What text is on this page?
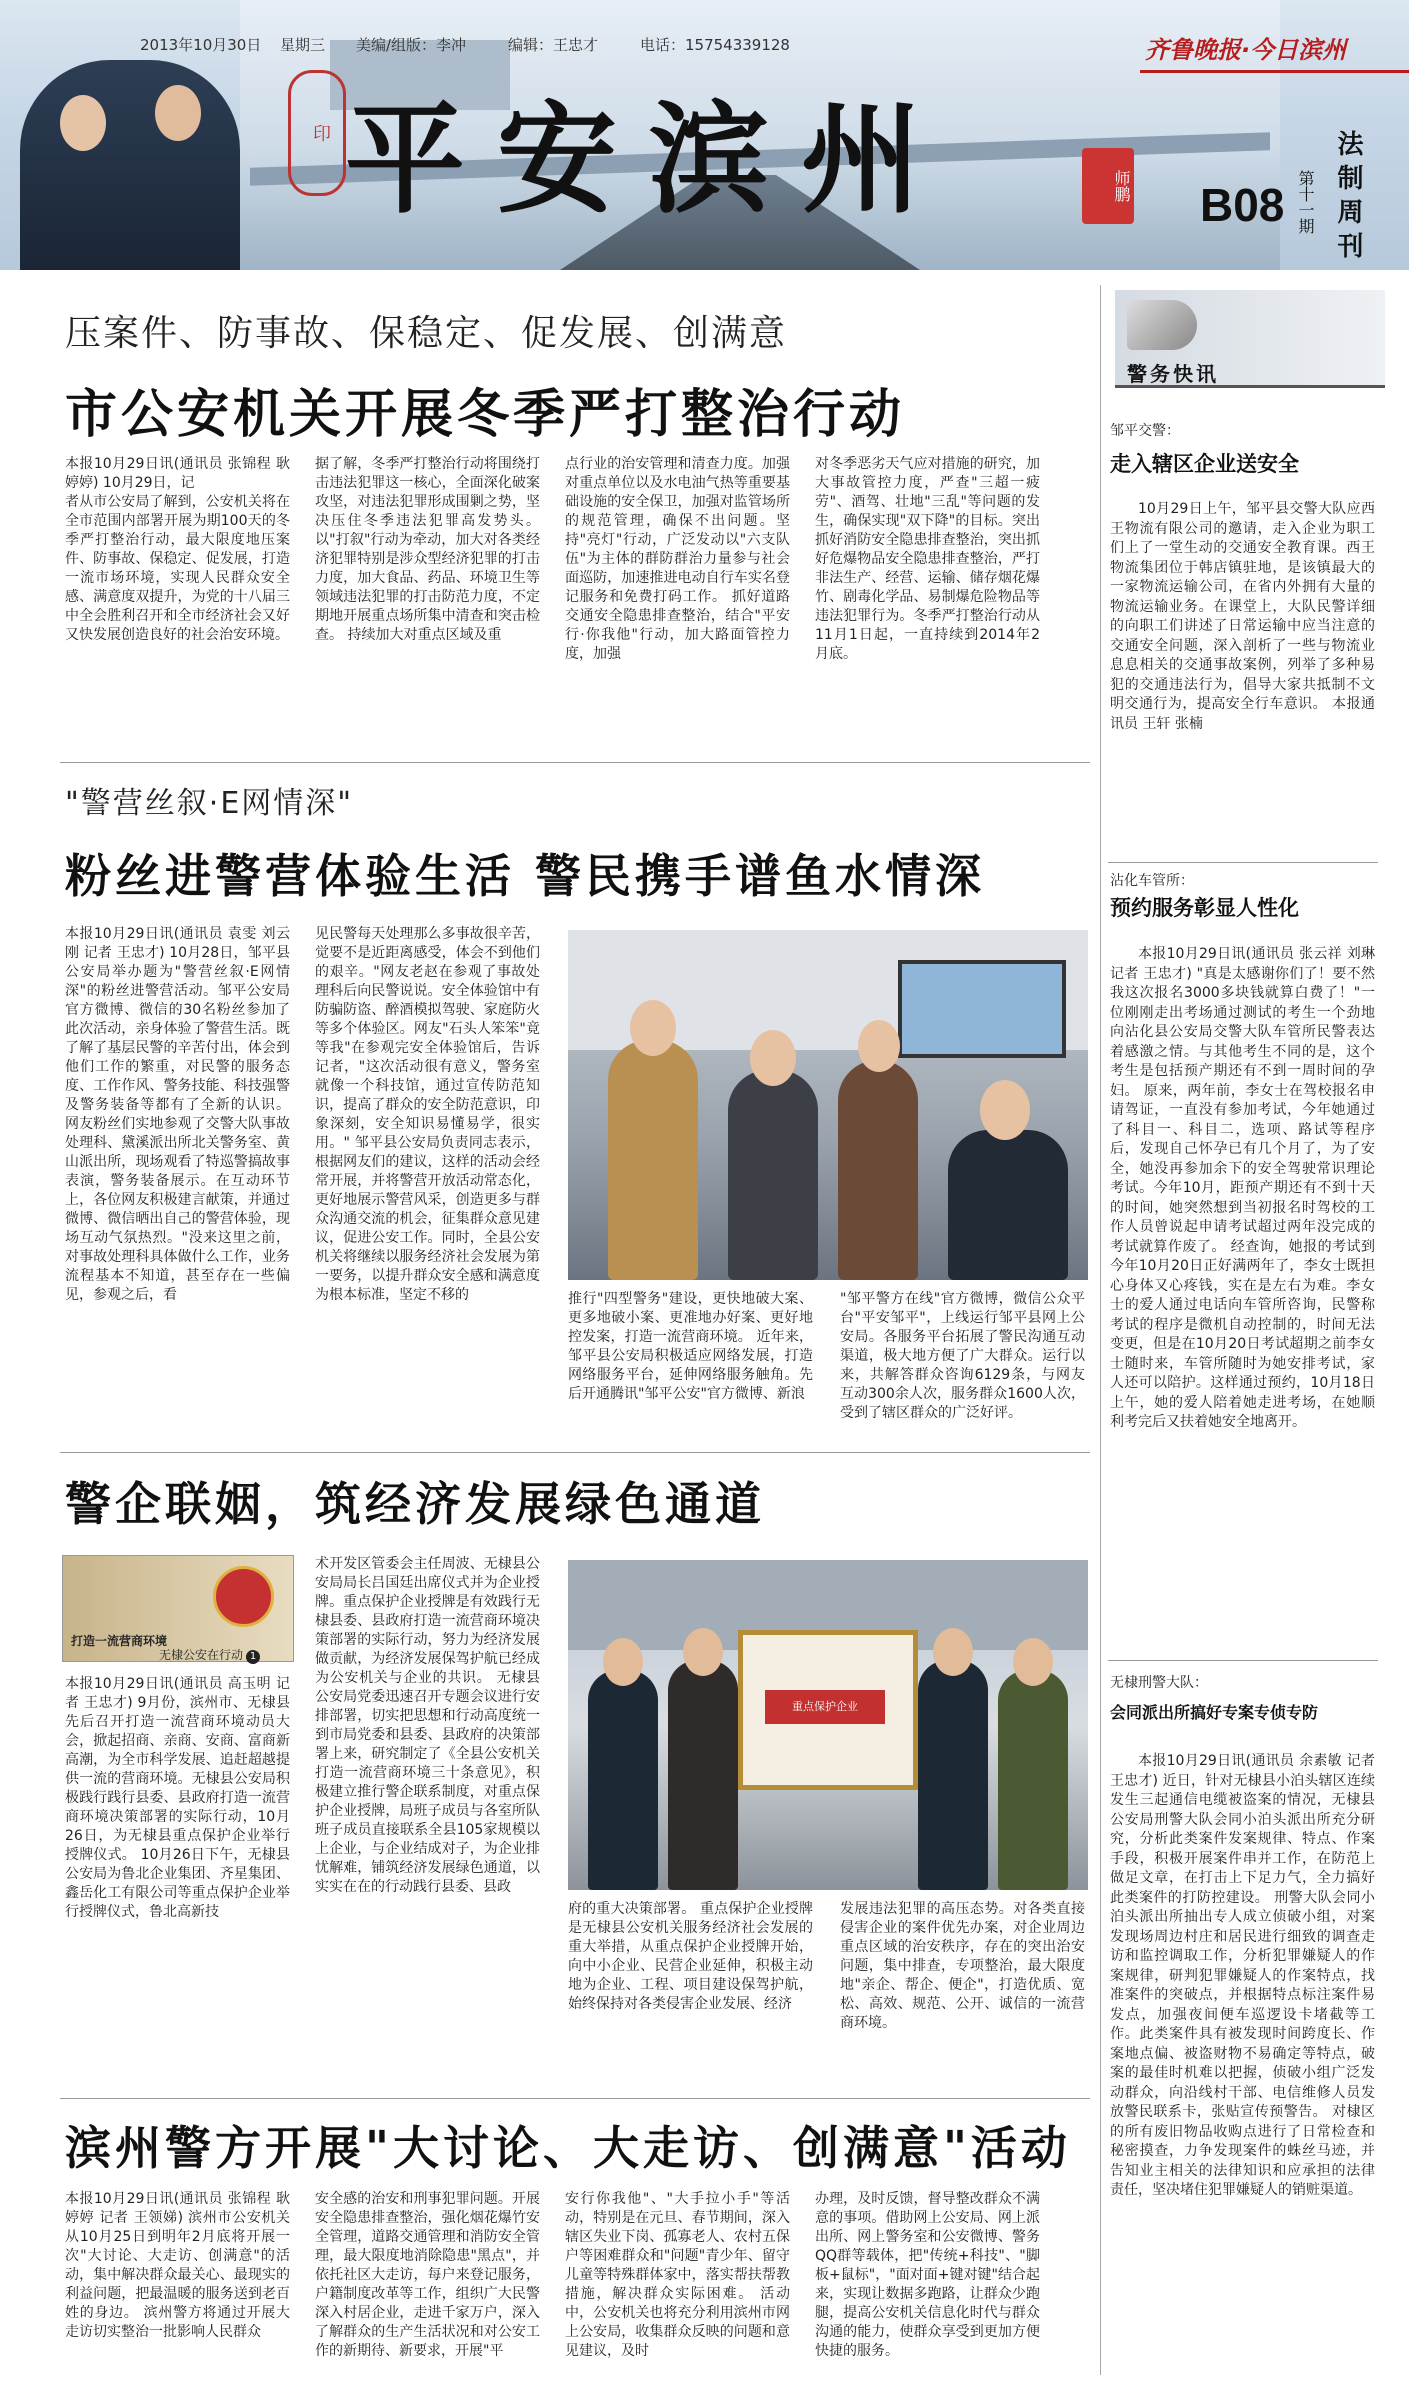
2013年10月30日 星期三 美编/组版：李冲	编辑：王忠才	电话：15754339128
印 平安滨州	师鹏
齐鲁晚报·今日滨州
B08 第十一期 法制周刊
压案件、防事故、保稳定、促发展、创满意
市公安机关开展冬季严打整治行动
本报10月29日讯(通讯员 张锦程 耿婷婷) 10月29日，记
者从市公安局了解到，公安机关将在全市范围内部署开展为期100天的冬季严打整治行动，最大限度地压案件、防事故、保稳定、促发展，打造一流市场环境，实现人民群众安全感、满意度双提升，为党的十八届三中全会胜利召开和全市经济社会又好又快发展创造良好的社会治安环境。
据了解，冬季严打整治行动将围绕打击违法犯罪这一核心，全面深化破案攻坚，对违法犯罪形成围剿之势，坚决压住冬季违法犯罪高发势头。以"打叙"行动为牵动，加大对各类经济犯罪特别是涉众型经济犯罪的打击力度，加大食品、药品、环境卫生等领域违法犯罪的打击防范力度，不定期地开展重点场所集中清查和突击检查。 持续加大对重点区域及重
点行业的治安管理和清查力度。加强对重点单位以及水电油气热等重要基础设施的安全保卫，加强对监管场所的规范管理，确保不出问题。坚持"亮灯"行动，广泛发动以"六支队伍"为主体的群防群治力量参与社会面巡防，加速推进电动自行车实名登记服务和免费打码工作。 抓好道路交通安全隐患排查整治，结合"平安行·你我他"行动，加大路面管控力度，加强
对冬季恶劣天气应对措施的研究，加大事故管控力度，严查"三超一疲劳"、酒驾、壮地"三乱"等问题的发生，确保实现"双下降"的目标。突出抓好消防安全隐患排查整治，突出抓好危爆物品安全隐患排查整治，严打非法生产、经营、运输、储存烟花爆竹、剧毒化学品、易制爆危险物品等违法犯罪行为。冬季严打整治行动从11月1日起，一直持续到2014年2月底。
"警营丝叙·E网情深"
粉丝进警营体验生活 警民携手谱鱼水情深
本报10月29日讯(通讯员 袁雯 刘云刚 记者 王忠才) 10月28日，邹平县公安局举办题为"警营丝叙·E网情深"的粉丝进警营活动。邹平公安局官方微博、微信的30名粉丝参加了此次活动，亲身体验了警营生活。既了解了基层民警的辛苦付出，体会到他们工作的繁重，对民警的服务态度、工作作风、警务技能、科技强警及警务装备等都有了全新的认识。 网友粉丝们实地参观了交警大队事故处理科、黛溪派出所北关警务室、黄山派出所，现场观看了特巡警搞故事表演，警务装备展示。在互动环节上，各位网友积极建言献策，并通过微博、微信晒出自己的警营体验，现场互动气氛热烈。"没来这里之前，对事故处理科具体做什么工作，业务流程基本不知道，甚至存在一些偏见，参观之后，看
见民警每天处理那么多事故很辛苦，觉要不是近距离感受，体会不到他们的艰辛。"网友老赵在参观了事故处理科后向民警说说。安全体验馆中有防骗防盗、醉酒模拟驾驶、家庭防火等多个体验区。网友"石头人笨笨"竟等我"在参观完安全体验馆后，告诉记者，"这次活动很有意义，警务室就像一个科技馆，通过宣传防范知识，提高了群众的安全防范意识，印象深刻，安全知识易懂易学，很实用。" 邹平县公安局负责同志表示，根据网友们的建议，这样的活动会经常开展，并将警营开放活动常态化，更好地展示警营风采，创造更多与群众沟通交流的机会，征集群众意见建议，促进公安工作。同时，全县公安机关将继续以服务经济社会发展为第一要务，以提升群众安全感和满意度为根本标准，坚定不移的	推行"四型警务"建设，更快地破大案、更多地破小案、更准地办好案、更好地控发案，打造一流营商环境。 近年来，邹平县公安局积极适应网络发展，打造网络服务平台，延伸网络服务触角。先后开通腾讯"邹平公安"官方微博、新浪
"邹平警方在线"官方微博，微信公众平台"平安邹平"，上线运行邹平县网上公安局。各服务平台拓展了警民沟通互动渠道，极大地方便了广大群众。运行以来，共解答群众咨询6129条，与网友互动300余人次，服务群众1600人次，受到了辖区群众的广泛好评。
警企联姻，筑经济发展绿色通道
打造一流营商环境
无棣公安在行动 1
本报10月29日讯(通讯员 高玉明 记者 王忠才) 9月份，滨州市、无棣县先后召开打造一流营商环境动员大会，掀起招商、亲商、安商、富商新高潮，为全市科学发展、追赶超越提供一流的营商环境。无棣县公安局积极践行践行县委、县政府打造一流营商环境决策部署的实际行动，10月26日，为无棣县重点保护企业举行授牌仪式。 10月26日下午，无棣县公安局为鲁北企业集团、齐星集团、鑫岳化工有限公司等重点保护企业举行授牌仪式，鲁北高新技
术开发区管委会主任周波、无棣县公安局局长吕国廷出席仪式并为企业授牌。重点保护企业授牌是有效践行无棣县委、县政府打造一流营商环境决策部署的实际行动，努力为经济发展做贡献，为经济发展保驾护航已经成为公安机关与企业的共识。 无棣县公安局党委迅速召开专题会议进行安排部署，切实把思想和行动高度统一到市局党委和县委、县政府的决策部署上来，研究制定了《全县公安机关打造一流营商环境三十条意见》，积极建立推行警企联系制度，对重点保护企业授牌，局班子成员与各室所队班子成员直接联系全县105家规模以上企业，与企业结成对子，为企业排忧解难，铺筑经济发展绿色通道，以实实在在的行动践行县委、县政
重点保护企业
府的重大决策部署。 重点保护企业授牌是无棣县公安机关服务经济社会发展的重大举措，从重点保护企业授牌开始，向中小企业、民营企业延伸，积极主动地为企业、工程、项目建设保驾护航，始终保持对各类侵害企业发展、经济
发展违法犯罪的高压态势。对各类直接侵害企业的案件优先办案，对企业周边重点区域的治安秩序，存在的突出治安问题，集中排查，专项整治，最大限度地"亲企、帮企、便企"，打造优质、宽松、高效、规范、公开、诚信的一流营商环境。
滨州警方开展"大讨论、大走访、创满意"活动
本报10月29日讯(通讯员 张锦程 耿婷婷 记者 王领娣) 滨州市公安机关从10月25日到明年2月底将开展一次"大讨论、大走访、创满意"的活动，集中解决群众最关心、最现实的利益问题，把最温暖的服务送到老百姓的身边。 滨州警方将通过开展大走访切实整治一批影响人民群众
安全感的治安和刑事犯罪问题。开展安全隐患排查整治，强化烟花爆竹安全管理，道路交通管理和消防安全管理，最大限度地消除隐患"黑点"，并依托社区大走访，每户来登记服务，户籍制度改革等工作，组织广大民警深入村居企业，走进千家万户，深入了解群众的生产生活状况和对公安工作的新期待、新要求，开展"平
安行你我他"、"大手拉小手"等活动，特别是在元旦、春节期间，深入辖区失业下岗、孤寡老人、农村五保户等困难群众和"问题"青少年、留守儿童等特殊群体家中，落实帮扶帮教措施，解决群众实际困难。 活动中，公安机关也将充分利用滨州市网上公安局，收集群众反映的问题和意见建议，及时
办理，及时反馈，督导整改群众不满意的事项。借助网上公安局、网上派出所、网上警务室和公安微博、警务QQ群等载体，把"传统+科技"、"脚板+鼠标"，"面对面+键对键"结合起来，实现让数据多跑路，让群众少跑腿，提高公安机关信息化时代与群众沟通的能力，使群众享受到更加方便快捷的服务。
警务快讯
邹平交警：
走入辖区企业送安全
10月29日上午，邹平县交警大队应西王物流有限公司的邀请，走入企业为职工们上了一堂生动的交通安全教育课。西王物流集团位于韩店镇驻地，是该镇最大的一家物流运输公司，在省内外拥有大量的物流运输业务。在课堂上，大队民警详细的向职工们讲述了日常运输中应当注意的交通安全问题，深入剖析了一些与物流业息息相关的交通事故案例，列举了多种易犯的交通违法行为，倡导大家共抵制不文明交通行为，提高安全行车意识。 本报通讯员 王轩 张楠
沾化车管所：
预约服务彰显人性化
本报10月29日讯(通讯员 张云祥 刘琳 记者 王忠才) "真是太感谢你们了！要不然我这次报名3000多块钱就算白费了！"一位刚刚走出考场通过测试的考生一个劲地向沾化县公安局交警大队车管所民警表达着感激之情。与其他考生不同的是，这个考生是包括预产期还有不到一周时间的孕妇。 原来，两年前，李女士在驾校报名申请驾证，一直没有参加考试，今年她通过了科目一、科目二，选项、路试等程序后，发现自己怀孕已有几个月了，为了安全，她没再参加余下的安全驾驶常识理论考试。今年10月，距预产期还有不到十天的时间，她突然想到当初报名时驾校的工作人员曾说起申请考试超过两年没完成的考试就算作废了。 经查询，她报的考试到今年10月20日正好满两年了，李女士既担心身体又心疼钱，实在是左右为难。李女士的爱人通过电话向车管所咨询，民警称考试的程序是微机自动控制的，时间无法变更，但是在10月20日考试超期之前李女士随时来，车管所随时为她安排考试，家人还可以陪护。这样通过预约，10月18日上午，她的爱人陪着她走进考场，在她顺利考完后又扶着她安全地离开。
无棣刑警大队：
会同派出所搞好专案专侦专防
本报10月29日讯(通讯员 余素敏 记者 王忠才) 近日，针对无棣县小泊头辖区连续发生三起通信电缆被盗案的情况，无棣县公安局刑警大队会同小泊头派出所充分研究，分析此类案件发案规律、特点、作案手段，积极开展案件串并工作，在防范上做足文章，在打击上下足力气，全力搞好此类案件的打防控建设。 刑警大队会同小泊头派出所抽出专人成立侦破小组，对案发现场周边村庄和居民进行细致的调查走访和监控调取工作，分析犯罪嫌疑人的作案规律，研判犯罪嫌疑人的作案特点，找准案件的突破点，并根据特点标注案件易发点，加强夜间便车巡逻设卡堵截等工作。此类案件具有被发现时间跨度长、作案地点偏、被盗财物不易确定等特点，破案的最佳时机难以把握，侦破小组广泛发动群众，向沿线村干部、电信维修人员发放警民联系卡，张贴宣传预警告。 对棣区的所有废旧物品收购点进行了日常检查和秘密摸查，力争发现案件的蛛丝马迹，并告知业主相关的法律知识和应承担的法律责任，坚决堵住犯罪嫌疑人的销赃渠道。
